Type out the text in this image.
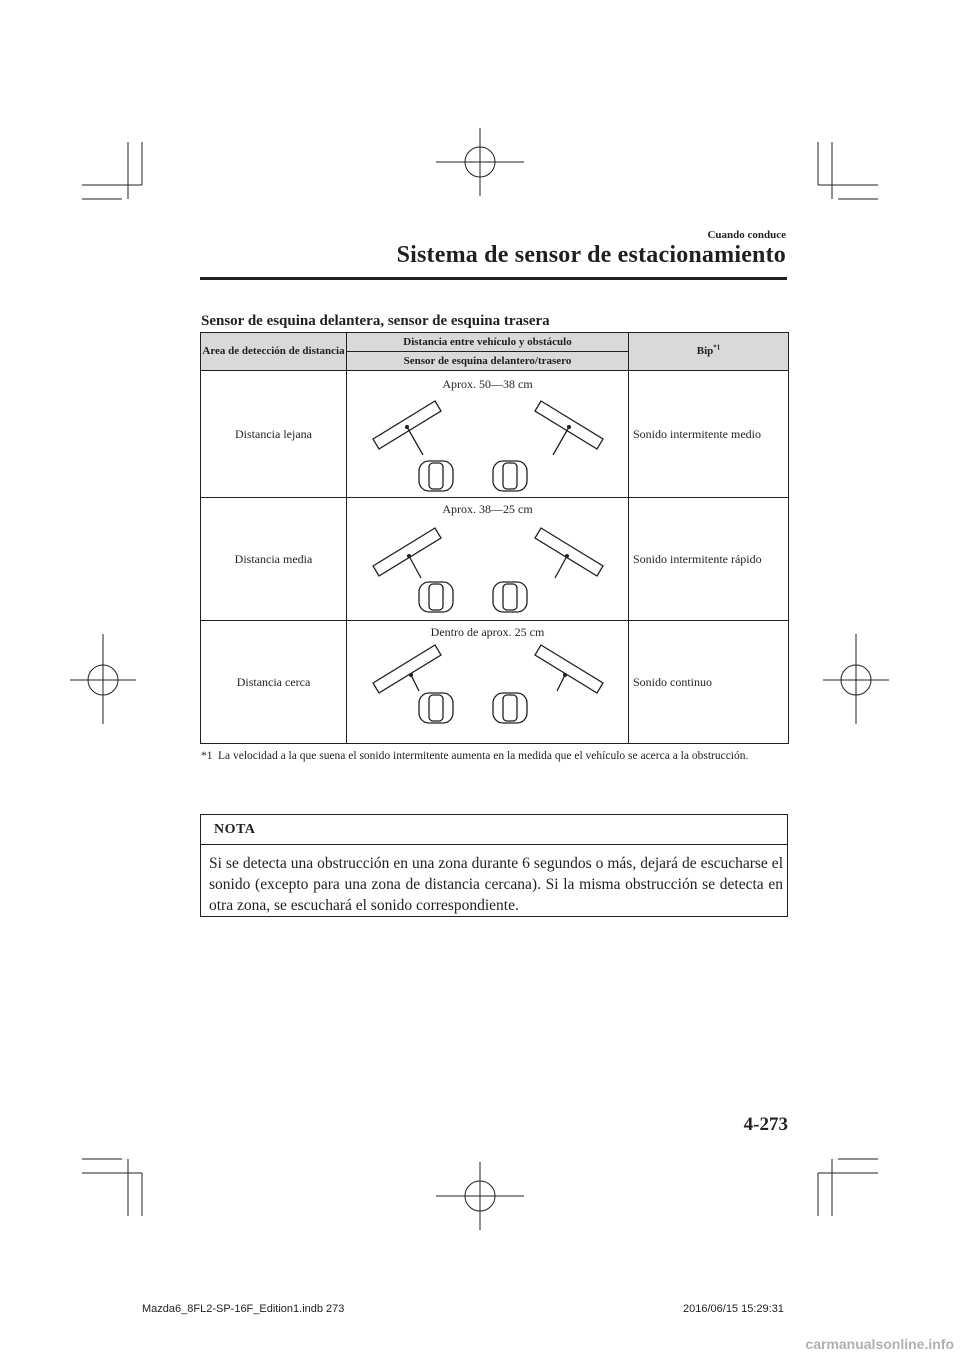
Cuando conduce
Sistema de sensor de estacionamiento
Sensor de esquina delantera, sensor de esquina trasera
Area de detección de distancia	Distancia entre vehículo y obstáculo	Bip$^{*1}$
	Sensor de esquina delantero/trasero	
Distancia lejana	Aprox. 50—38 cm	Sonido intermitente medio
Distancia media	Aprox. 38—25 cm	Sonido intermitente rápido
Distancia cerca	Dentro de aprox. 25 cm	Sonido continuo
*1 La velocidad a la que suena el sonido intermitente aumenta en la medida que el vehículo se acerca a la obstrucción.
NOTA
Si se detecta una obstrucción en una zona durante 6 segundos o más, dejará de escucharse el sonido (excepto para una zona de distancia cercana). Si la misma obstrucción se detecta en otra zona, se escuchará el sonido correspondiente.
4-273
Mazda6_8FL2-SP-16F_Edition1.indb 273	2016/06/15 15:29:31
carmanualsonline.info
